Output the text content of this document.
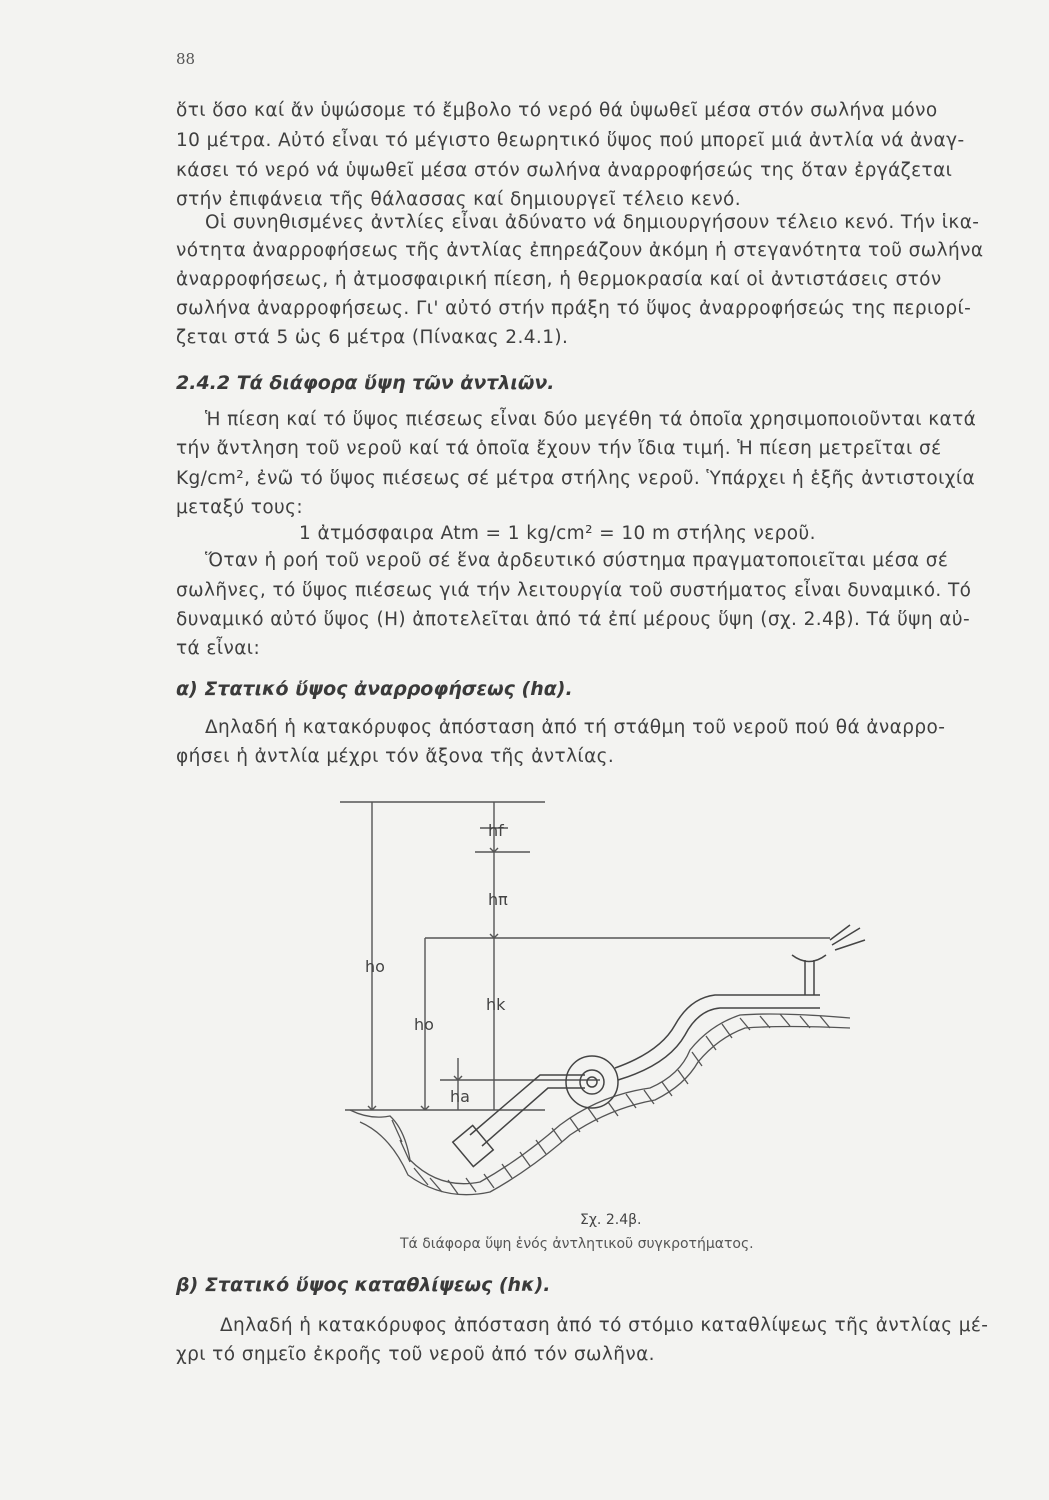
88
ὅτι ὅσο καί ἄν ὑψώσομε τό ἔμβολο τό νερό θά ὑψωθεῖ μέσα στόν σωλήνα μόνο
10 μέτρα. Αὐτό εἶναι τό μέγιστο θεωρητικό ὕψος πού μπορεῖ μιά ἀντλία νά ἀναγ-
κάσει τό νερό νά ὑψωθεῖ μέσα στόν σωλήνα ἀναρροφήσεώς της ὅταν ἐργάζεται
στήν ἐπιφάνεια τῆς θάλασσας καί δημιουργεῖ τέλειο κενό.
Οἱ συνηθισμένες ἀντλίες εἶναι ἀδύνατο νά δημιουργήσουν τέλειο κενό. Τήν ἱκα-
νότητα ἀναρροφήσεως τῆς ἀντλίας ἐπηρεάζουν ἀκόμη ἡ στεγανότητα τοῦ σωλήνα
ἀναρροφήσεως, ἡ ἀτμοσφαιρική πίεση, ἡ θερμοκρασία καί οἱ ἀντιστάσεις στόν
σωλήνα ἀναρροφήσεως. Γι' αὐτό στήν πράξη τό ὕψος ἀναρροφήσεώς της περιορί-
ζεται στά 5 ὡς 6 μέτρα (Πίνακας 2.4.1).
2.4.2 Τά διάφορα ὕψη τῶν ἀντλιῶν.
Ἡ πίεση καί τό ὕψος πιέσεως εἶναι δύο μεγέθη τά ὁποῖα χρησιμοποιοῦνται κατά
τήν ἄντληση τοῦ νεροῦ καί τά ὁποῖα ἔχουν τήν ἴδια τιμή. Ἡ πίεση μετρεῖται σέ
Kg/cm², ἐνῶ τό ὕψος πιέσεως σέ μέτρα στήλης νεροῦ. Ὑπάρχει ἡ ἑξῆς ἀντιστοιχία
μεταξύ τους:
1 ἀτμόσφαιρα Atm = 1 kg/cm² = 10 m στήλης νεροῦ.
Ὅταν ἡ ροή τοῦ νεροῦ σέ ἕνα ἀρδευτικό σύστημα πραγματοποιεῖται μέσα σέ
σωλῆνες, τό ὕψος πιέσεως γιά τήν λειτουργία τοῦ συστήματος εἶναι δυναμικό. Τό
δυναμικό αὐτό ὕψος (Η) ἀποτελεῖται ἀπό τά ἐπί μέρους ὕψη (σχ. 2.4β). Τά ὕψη αὐ-
τά εἶναι:
α) Στατικό ὕψος ἀναρροφήσεως (hα).
Δηλαδή ἡ κατακόρυφος ἀπόσταση ἀπό τή στάθμη τοῦ νεροῦ πού θά ἀναρρο-
φήσει ἡ ἀντλία μέχρι τόν ἄξονα τῆς ἀντλίας.
hf
hπ
ho
ho
hk
ha
Σχ. 2.4β.
Τά διάφορα ὕψη ἑνός ἀντλητικοῦ συγκροτήματος.
β) Στατικό ὕψος καταθλίψεως (hκ).
Δηλαδή ἡ κατακόρυφος ἀπόσταση ἀπό τό στόμιο καταθλίψεως τῆς ἀντλίας μέ-
χρι τό σημεῖο ἐκροῆς τοῦ νεροῦ ἀπό τόν σωλῆνα.
